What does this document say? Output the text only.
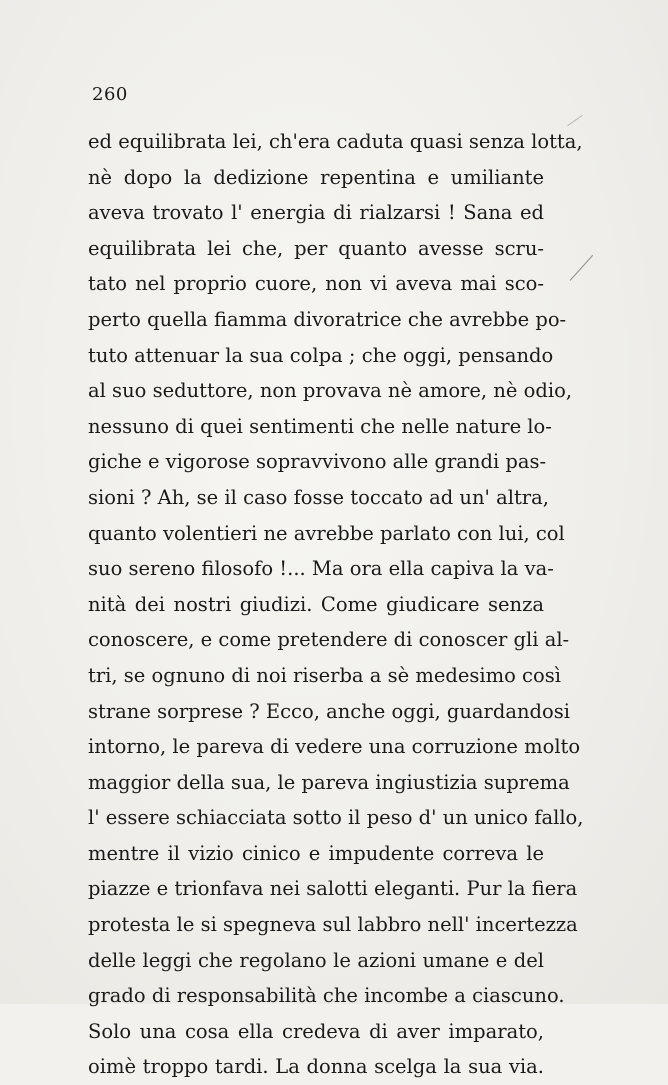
260
ed equilibrata lei, ch'era caduta quasi senza lotta,
nè dopo la dedizione repentina e umiliante
aveva trovato l' energia di rialzarsi ! Sana ed
equilibrata lei che, per quanto avesse scru-
tato nel proprio cuore, non vi aveva mai sco-
perto quella fiamma divoratrice che avrebbe po-
tuto attenuar la sua colpa ; che oggi, pensando
al suo seduttore, non provava nè amore, nè odio,
nessuno di quei sentimenti che nelle nature lo-
giche e vigorose sopravvivono alle grandi pas-
sioni ? Ah, se il caso fosse toccato ad un' altra,
quanto volentieri ne avrebbe parlato con lui, col
suo sereno filosofo !... Ma ora ella capiva la va-
nità dei nostri giudizi. Come giudicare senza
conoscere, e come pretendere di conoscer gli al-
tri, se ognuno di noi riserba a sè medesimo così
strane sorprese ? Ecco, anche oggi, guardandosi
intorno, le pareva di vedere una corruzione molto
maggior della sua, le pareva ingiustizia suprema
l' essere schiacciata sotto il peso d' un unico fallo,
mentre il vizio cinico e impudente correva le
piazze e trionfava nei salotti eleganti. Pur la fiera
protesta le si spegneva sul labbro nell' incertezza
delle leggi che regolano le azioni umane e del
grado di responsabilità che incombe a ciascuno.
Solo una cosa ella credeva di aver imparato,
oimè troppo tardi. La donna scelga la sua via.
